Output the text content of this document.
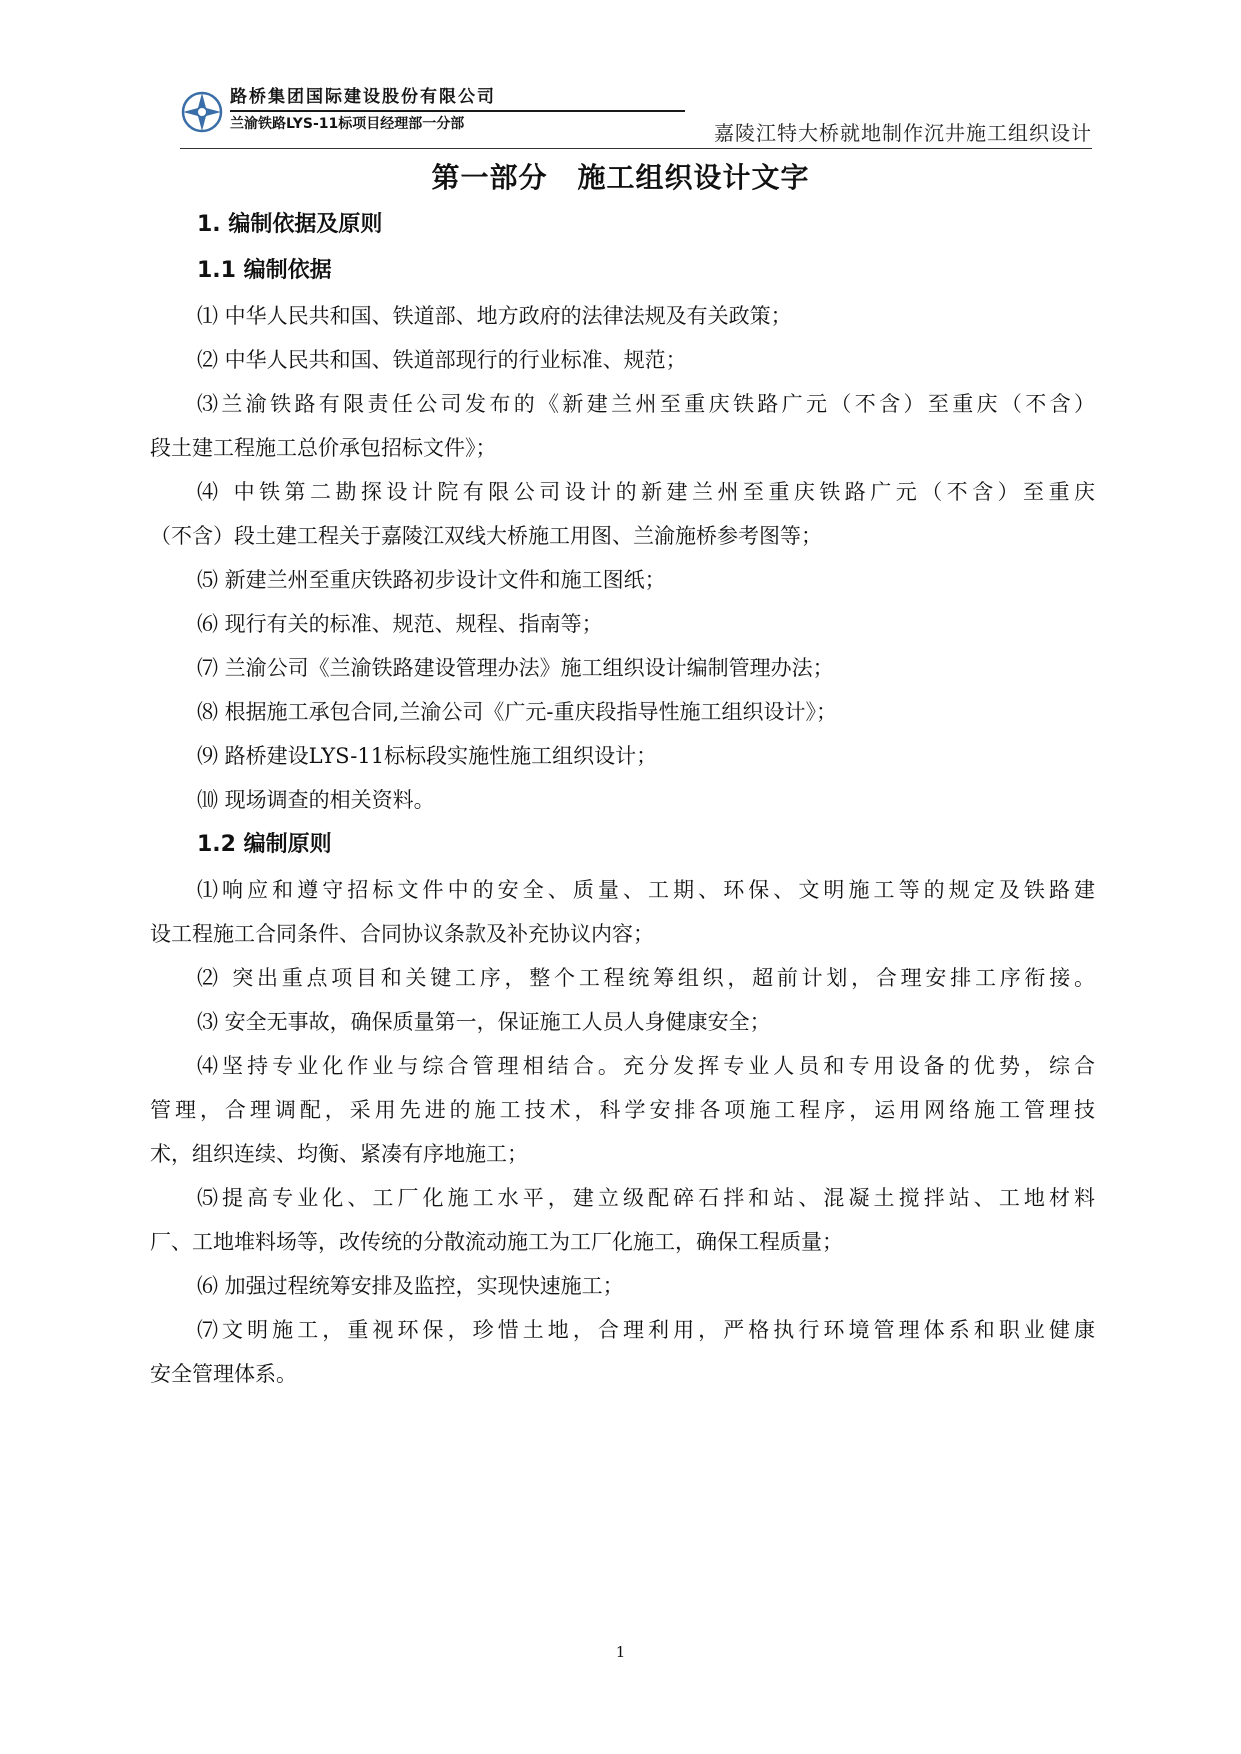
路桥集团国际建设股份有限公司
兰渝铁路LYS-11标项目经理部一分部	嘉陵江特大桥就地制作沉井施工组织设计
第一部分 施工组织设计文字
1. 编制依据及原则
1.1 编制依据
⑴ 中华人民共和国、铁道部、地方政府的法律法规及有关政策；
⑵ 中华人民共和国、铁道部现行的行业标准、规范；
⑶兰渝铁路有限责任公司发布的《新建兰州至重庆铁路广元（不含）至重庆（不含）
段土建工程施工总价承包招标文件》；
⑷ 中铁第二勘探设计院有限公司设计的新建兰州至重庆铁路广元（不含）至重庆
（不含）段土建工程关于嘉陵江双线大桥施工用图、兰渝施桥参考图等；
⑸ 新建兰州至重庆铁路初步设计文件和施工图纸；
⑹ 现行有关的标准、规范、规程、指南等；
⑺ 兰渝公司《兰渝铁路建设管理办法》施工组织设计编制管理办法；
⑻ 根据施工承包合同,兰渝公司《广元-重庆段指导性施工组织设计》；
⑼ 路桥建设LYS-11标标段实施性施工组织设计；
⑽ 现场调查的相关资料。
1.2 编制原则
⑴响应和遵守招标文件中的安全、质量、工期、环保、文明施工等的规定及铁路建
设工程施工合同条件、合同协议条款及补充协议内容；
⑵ 突出重点项目和关键工序，整个工程统筹组织，超前计划，合理安排工序衔接。
⑶ 安全无事故，确保质量第一，保证施工人员人身健康安全；
⑷坚持专业化作业与综合管理相结合。充分发挥专业人员和专用设备的优势，综合
管理，合理调配，采用先进的施工技术，科学安排各项施工程序，运用网络施工管理技
术，组织连续、均衡、紧凑有序地施工；
⑸提高专业化、工厂化施工水平，建立级配碎石拌和站、混凝土搅拌站、工地材料
厂、工地堆料场等，改传统的分散流动施工为工厂化施工，确保工程质量；
⑹ 加强过程统筹安排及监控，实现快速施工；
⑺文明施工，重视环保，珍惜土地，合理利用，严格执行环境管理体系和职业健康
安全管理体系。
1
